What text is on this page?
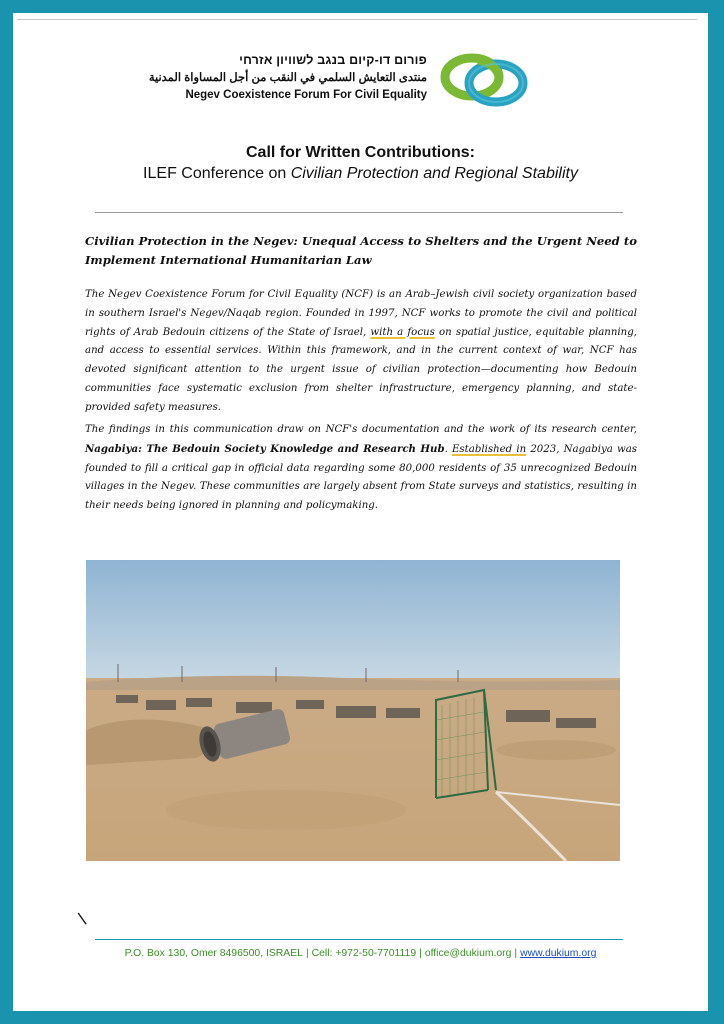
פורום דו-קיום בנגב לשוויון אזרחי
منتدى التعايش السلمي في النقب من أجل المساواة المدنية
Negev Coexistence Forum For Civil Equality
Call for Written Contributions:
ILEF Conference on Civilian Protection and Regional Stability
Civilian Protection in the Negev: Unequal Access to Shelters and the Urgent Need to Implement International Humanitarian Law
The Negev Coexistence Forum for Civil Equality (NCF) is an Arab–Jewish civil society organization based in southern Israel's Negev/Naqab region. Founded in 1997, NCF works to promote the civil and political rights of Arab Bedouin citizens of the State of Israel, with a focus on spatial justice, equitable planning, and access to essential services. Within this framework, and in the current context of war, NCF has devoted significant attention to the urgent issue of civilian protection—documenting how Bedouin communities face systematic exclusion from shelter infrastructure, emergency planning, and state-provided safety measures.
The findings in this communication draw on NCF's documentation and the work of its research center, Nagabiya: The Bedouin Society Knowledge and Research Hub. Established in 2023, Nagabiya was founded to fill a critical gap in official data regarding some 80,000 residents of 35 unrecognized Bedouin villages in the Negev. These communities are largely absent from State surveys and statistics, resulting in their needs being ignored in planning and policymaking.
\
P.O. Box 130, Omer 8496500, ISRAEL | Cell: +972-50-7701119 | office@dukium.org | www.dukium.org
